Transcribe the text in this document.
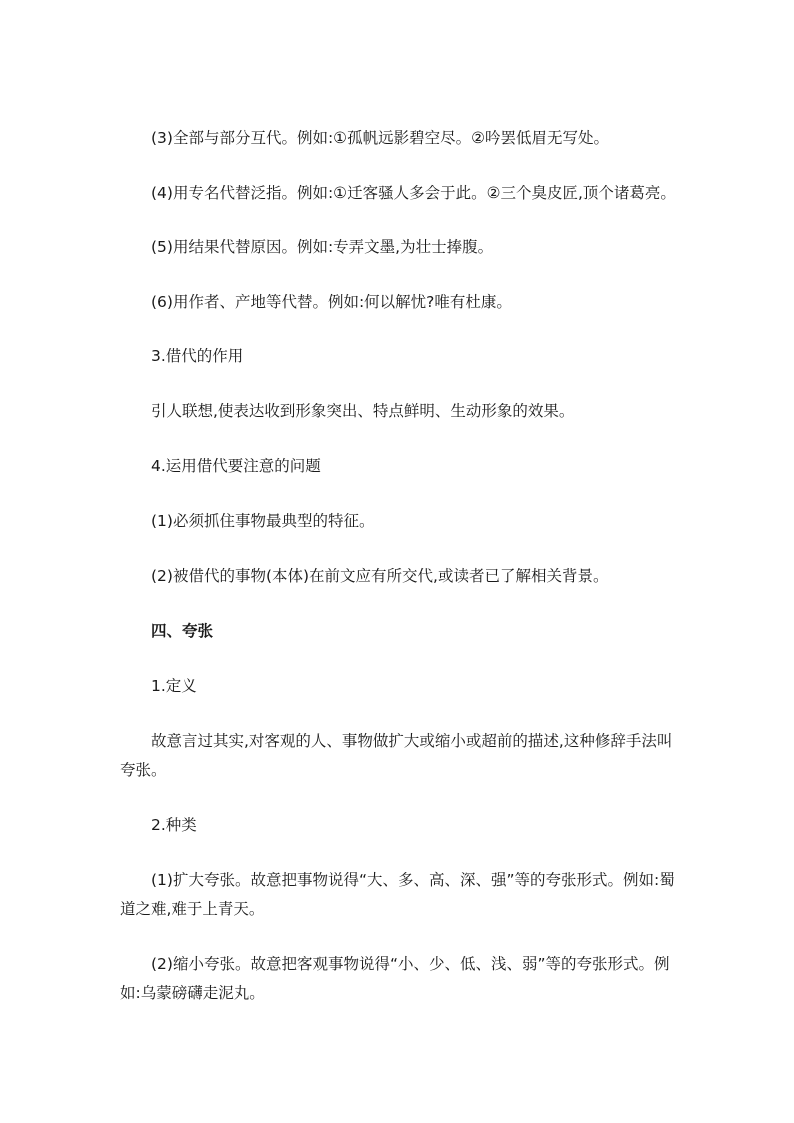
(3)全部与部分互代。例如:①孤帆远影碧空尽。②吟罢低眉无写处。

(4)用专名代替泛指。例如:①迁客骚人多会于此。②三个臭皮匠,顶个诸葛亮。

(5)用结果代替原因。例如:专弄文墨,为壮士捧腹。

(6)用作者、产地等代替。例如:何以解忧?唯有杜康。

3.借代的作用

引人联想,使表达收到形象突出、特点鲜明、生动形象的效果。

4.运用借代要注意的问题

(1)必须抓住事物最典型的特征。

(2)被借代的事物(本体)在前文应有所交代,或读者已了解相关背景。

四、夸张

1.定义

故意言过其实,对客观的人、事物做扩大或缩小或超前的描述,这种修辞手法叫夸张。

2.种类

(1)扩大夸张。故意把事物说得“大、多、高、深、强”等的夸张形式。例如:蜀道之难,难于上青天。

(2)缩小夸张。故意把客观事物说得“小、少、低、浅、弱”等的夸张形式。例如:乌蒙磅礴走泥丸。
